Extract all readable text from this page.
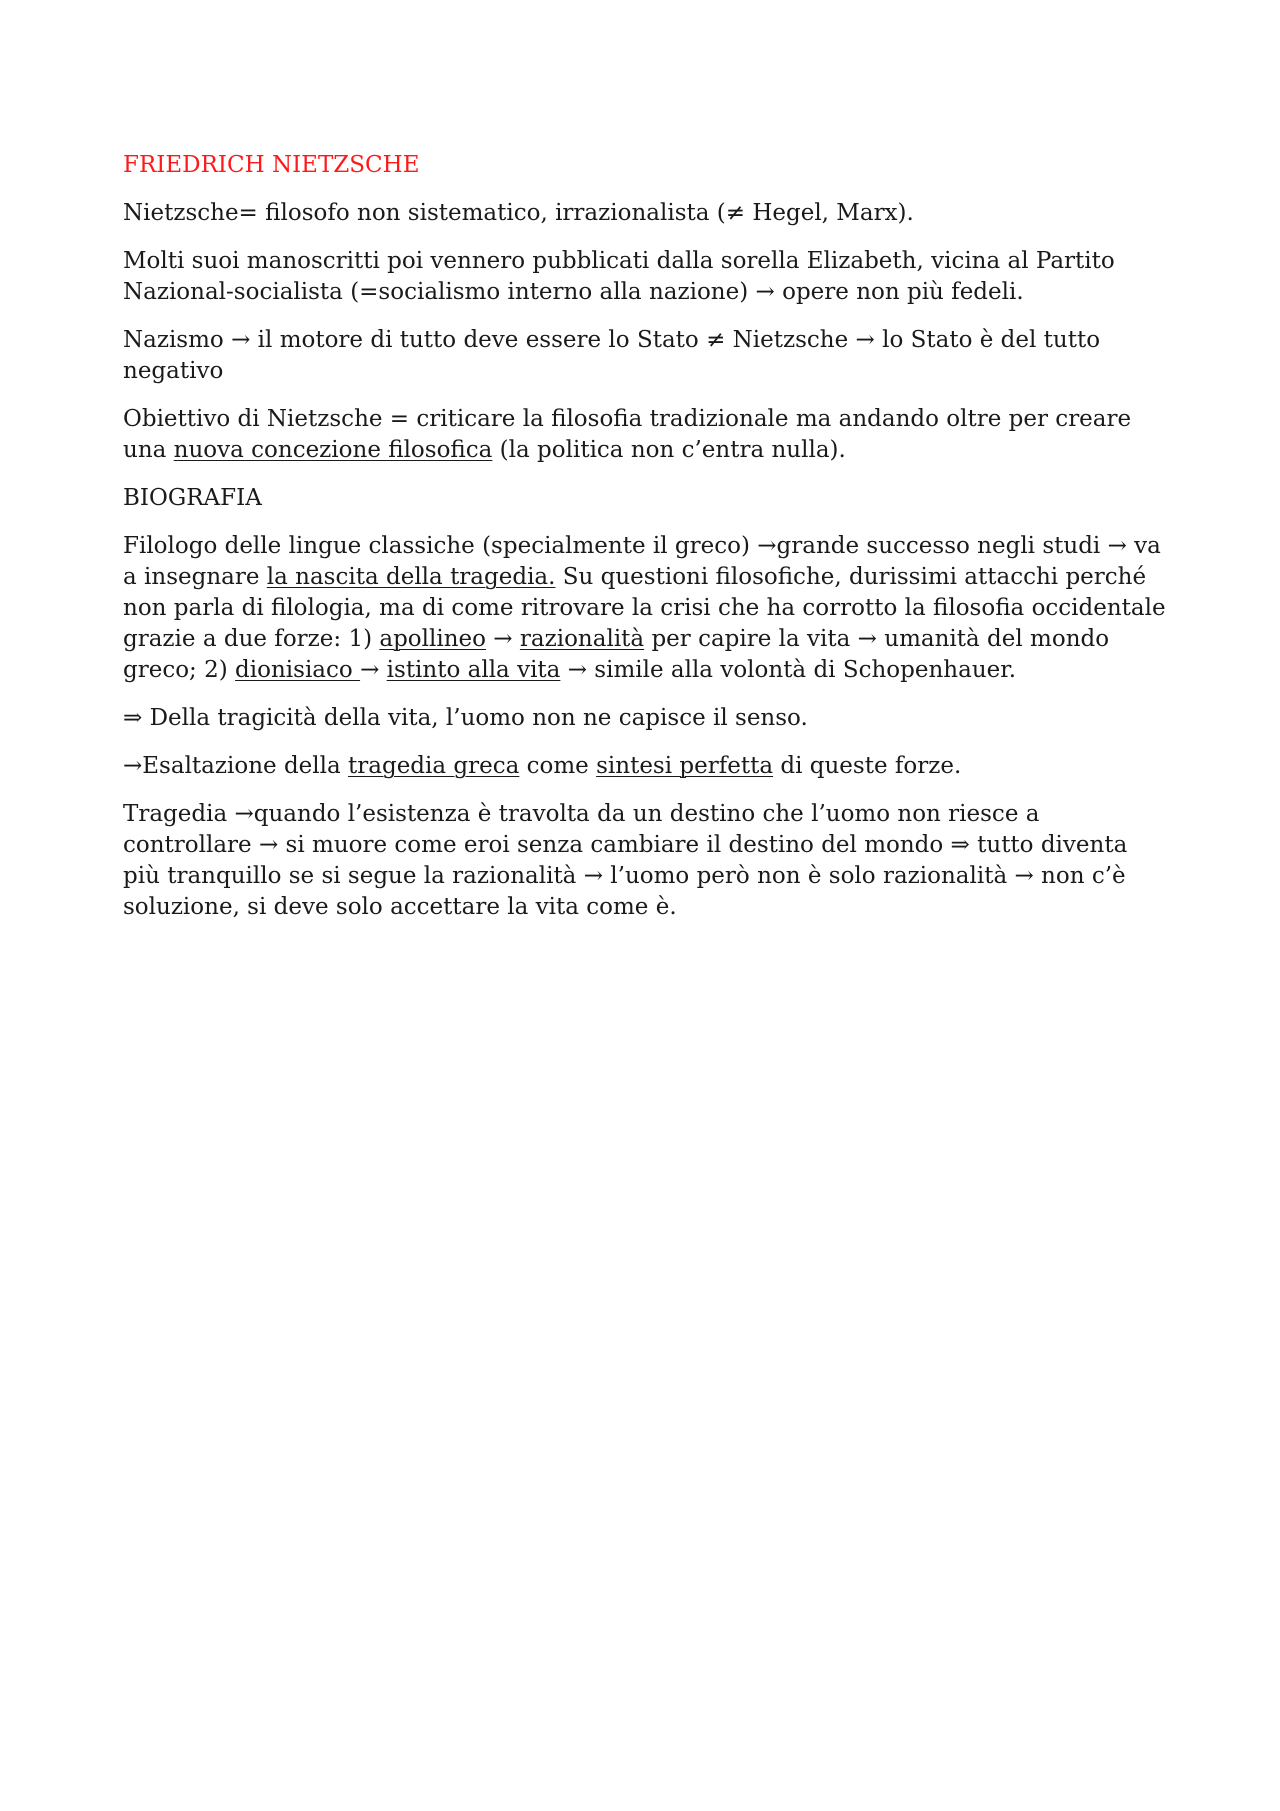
FRIEDRICH NIETZSCHE

Nietzsche= filosofo non sistematico, irrazionalista (≠ Hegel, Marx).

Molti suoi manoscritti poi vennero pubblicati dalla sorella Elizabeth, vicina al Partito Nazional-socialista (=socialismo interno alla nazione) → opere non più fedeli.

Nazismo → il motore di tutto deve essere lo Stato ≠ Nietzsche → lo Stato è del tutto negativo

Obiettivo di Nietzsche = criticare la filosofia tradizionale ma andando oltre per creare una nuova concezione filosofica (la politica non c’entra nulla).

BIOGRAFIA

Filologo delle lingue classiche (specialmente il greco) →grande successo negli studi → va a insegnare la nascita della tragedia. Su questioni filosofiche, durissimi attacchi perché non parla di filologia, ma di come ritrovare la crisi che ha corrotto la filosofia occidentale grazie a due forze: 1) apollineo → razionalità per capire la vita → umanità del mondo greco; 2) dionisiaco → istinto alla vita → simile alla volontà di Schopenhauer.

⇒ Della tragicità della vita, l’uomo non ne capisce il senso.

→Esaltazione della tragedia greca come sintesi perfetta di queste forze.

Tragedia →quando l’esistenza è travolta da un destino che l’uomo non riesce a controllare → si muore come eroi senza cambiare il destino del mondo ⇒ tutto diventa più tranquillo se si segue la razionalità → l’uomo però non è solo razionalità → non c’è soluzione, si deve solo accettare la vita come è.
